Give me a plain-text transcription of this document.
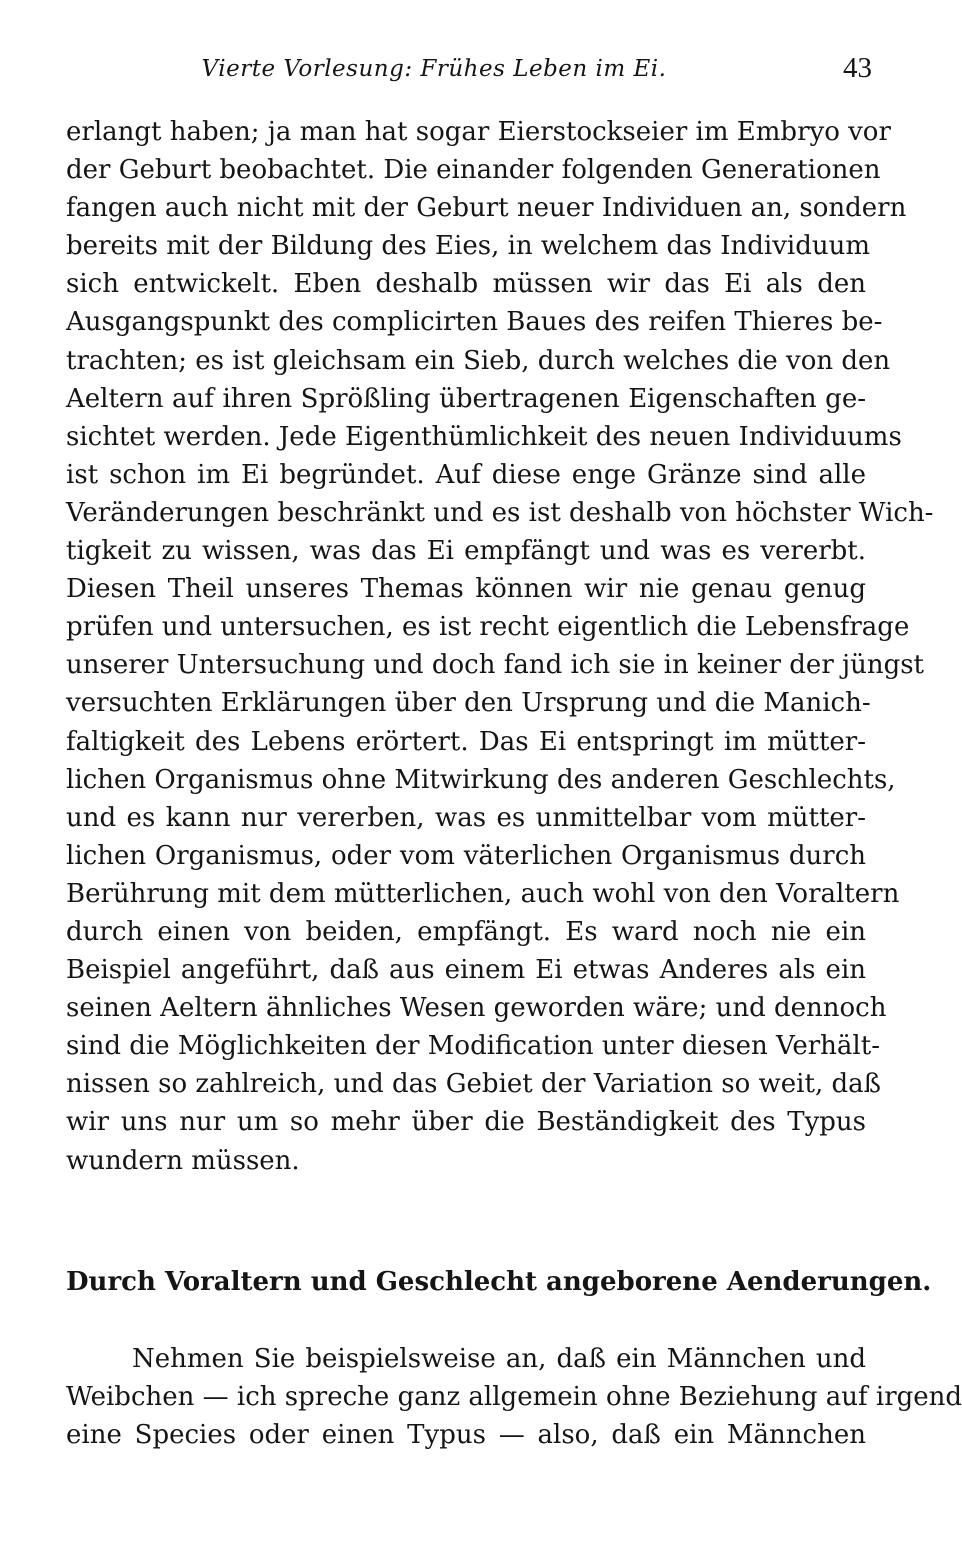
Vierte Vorlesung: Frühes Leben im Ei.	43
erlangt haben; ja man hat sogar Eierstockseier im Embryo vor
der Geburt beobachtet. Die einander folgenden Generationen
fangen auch nicht mit der Geburt neuer Individuen an, sondern
bereits mit der Bildung des Eies, in welchem das Individuum
sich entwickelt. Eben deshalb müssen wir das Ei als den
Ausgangspunkt des complicirten Baues des reifen Thieres be-
trachten; es ist gleichsam ein Sieb, durch welches die von den
Aeltern auf ihren Sprößling übertragenen Eigenschaften ge-
sichtet werden. Jede Eigenthümlichkeit des neuen Individuums
ist schon im Ei begründet. Auf diese enge Gränze sind alle
Veränderungen beschränkt und es ist deshalb von höchster Wich-
tigkeit zu wissen, was das Ei empfängt und was es vererbt.
Diesen Theil unseres Themas können wir nie genau genug
prüfen und untersuchen, es ist recht eigentlich die Lebensfrage
unserer Untersuchung und doch fand ich sie in keiner der jüngst
versuchten Erklärungen über den Ursprung und die Manich-
faltigkeit des Lebens erörtert. Das Ei entspringt im mütter-
lichen Organismus ohne Mitwirkung des anderen Geschlechts,
und es kann nur vererben, was es unmittelbar vom mütter-
lichen Organismus, oder vom väterlichen Organismus durch
Berührung mit dem mütterlichen, auch wohl von den Voraltern
durch einen von beiden, empfängt. Es ward noch nie ein
Beispiel angeführt, daß aus einem Ei etwas Anderes als ein
seinen Aeltern ähnliches Wesen geworden wäre; und dennoch
sind die Möglichkeiten der Modification unter diesen Verhält-
nissen so zahlreich, und das Gebiet der Variation so weit, daß
wir uns nur um so mehr über die Beständigkeit des Typus
wundern müssen.
Durch Voraltern und Geschlecht angeborene Aenderungen.
Nehmen Sie beispielsweise an, daß ein Männchen und
Weibchen — ich spreche ganz allgemein ohne Beziehung auf irgend
eine Species oder einen Typus — also, daß ein Männchen
